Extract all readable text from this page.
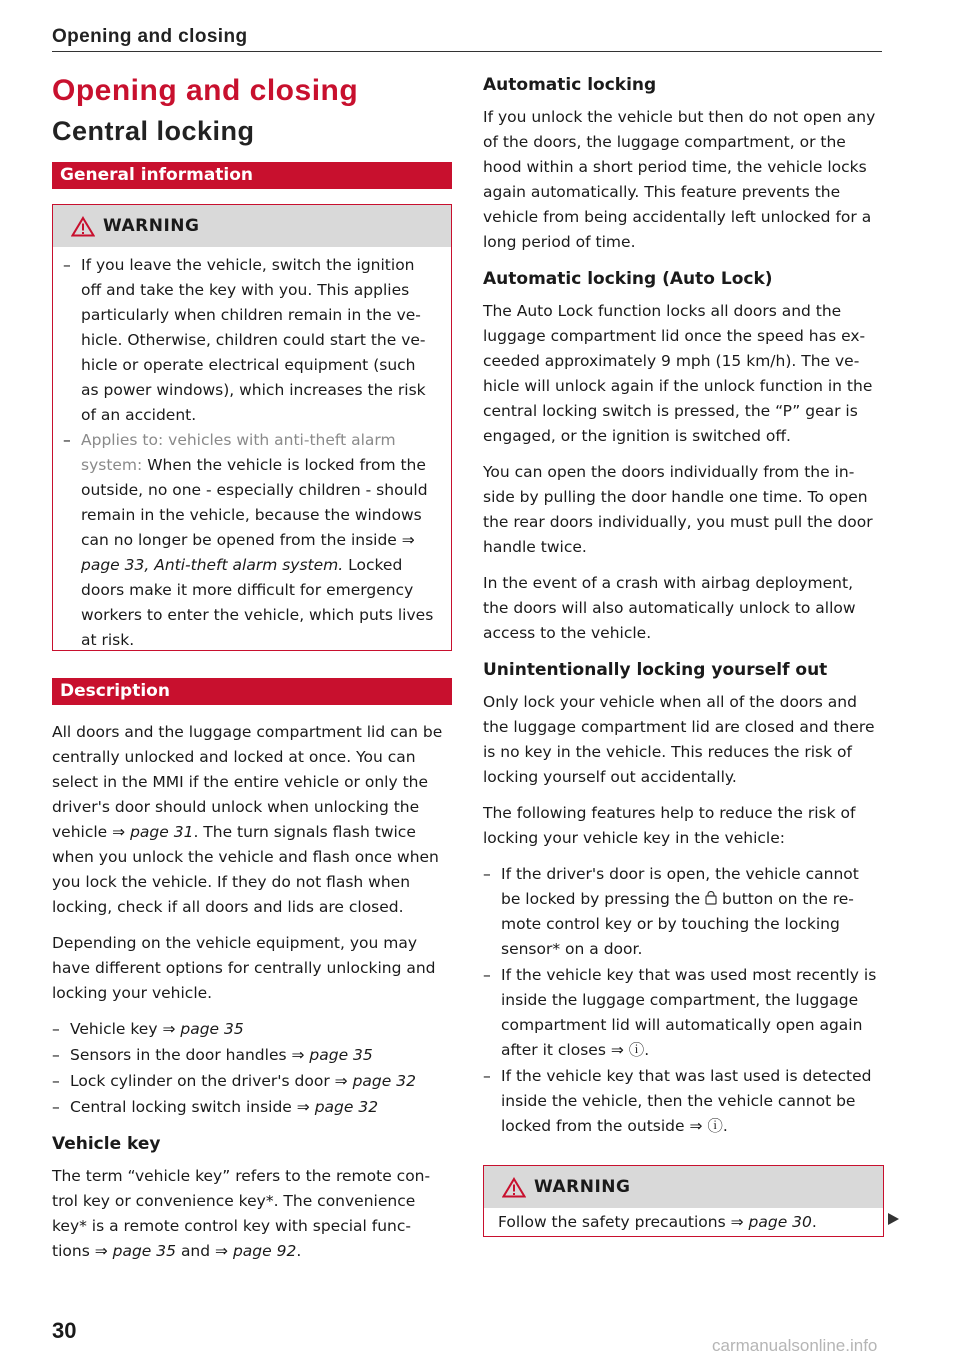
Opening and closing
Opening and closing
Central locking
General information
WARNING
– If you leave the vehicle, switch the ignition off and take the key with you. This applies particularly when children remain in the ve- hicle. Otherwise, children could start the ve- hicle or operate electrical equipment (such as power windows), which increases the risk of an accident.
– Applies to: vehicles with anti-theft alarm system: When the vehicle is locked from the outside, no one - especially children - should remain in the vehicle, because the windows can no longer be opened from the inside ⇒ page 33, Anti-theft alarm system. Locked doors make it more difficult for emergency workers to enter the vehicle, which puts lives at risk.
Description

All doors and the luggage compartment lid can be centrally unlocked and locked at once. You can select in the MMI if the entire vehicle or only the driver's door should unlock when unlocking the vehicle ⇒ page 31. The turn signals flash twice when you unlock the vehicle and flash once when you lock the vehicle. If they do not flash when locking, check if all doors and lids are closed.

Depending on the vehicle equipment, you may have different options for centrally unlocking and locking your vehicle.

– Vehicle key ⇒ page 35
– Sensors in the door handles ⇒ page 35
– Lock cylinder on the driver's door ⇒ page 32
– Central locking switch inside ⇒ page 32
Vehicle key

The term “vehicle key” refers to the remote con- trol key or convenience key*. The convenience key* is a remote control key with special func- tions ⇒ page 35 and ⇒ page 92.

Automatic locking

If you unlock the vehicle but then do not open any of the doors, the luggage compartment, or the hood within a short period time, the vehicle locks again automatically. This feature prevents the vehicle from being accidentally left unlocked for a long period of time.

Automatic locking (Auto Lock)

The Auto Lock function locks all doors and the luggage compartment lid once the speed has ex- ceeded approximately 9 mph (15 km/h). The ve- hicle will unlock again if the unlock function in the central locking switch is pressed, the “P” gear is engaged, or the ignition is switched off.

You can open the doors individually from the in- side by pulling the door handle one time. To open the rear doors individually, you must pull the door handle twice.

In the event of a crash with airbag deployment, the doors will also automatically unlock to allow access to the vehicle.

Unintentionally locking yourself out

Only lock your vehicle when all of the doors and the luggage compartment lid are closed and there is no key in the vehicle. This reduces the risk of locking yourself out accidentally.

The following features help to reduce the risk of locking your vehicle key in the vehicle:

– If the driver's door is open, the vehicle cannot be locked by pressing the button on the re- mote control key or by touching the locking sensor* on a door.
– If the vehicle key that was used most recently is inside the luggage compartment, the luggage compartment lid will automatically open again after it closes ⇒ ⓘ.
– If the vehicle key that was last used is detected inside the vehicle, then the vehicle cannot be locked from the outside ⇒ ⓘ.
WARNING

Follow the safety precautions ⇒ page 30.

30
carmanualsonline.info
